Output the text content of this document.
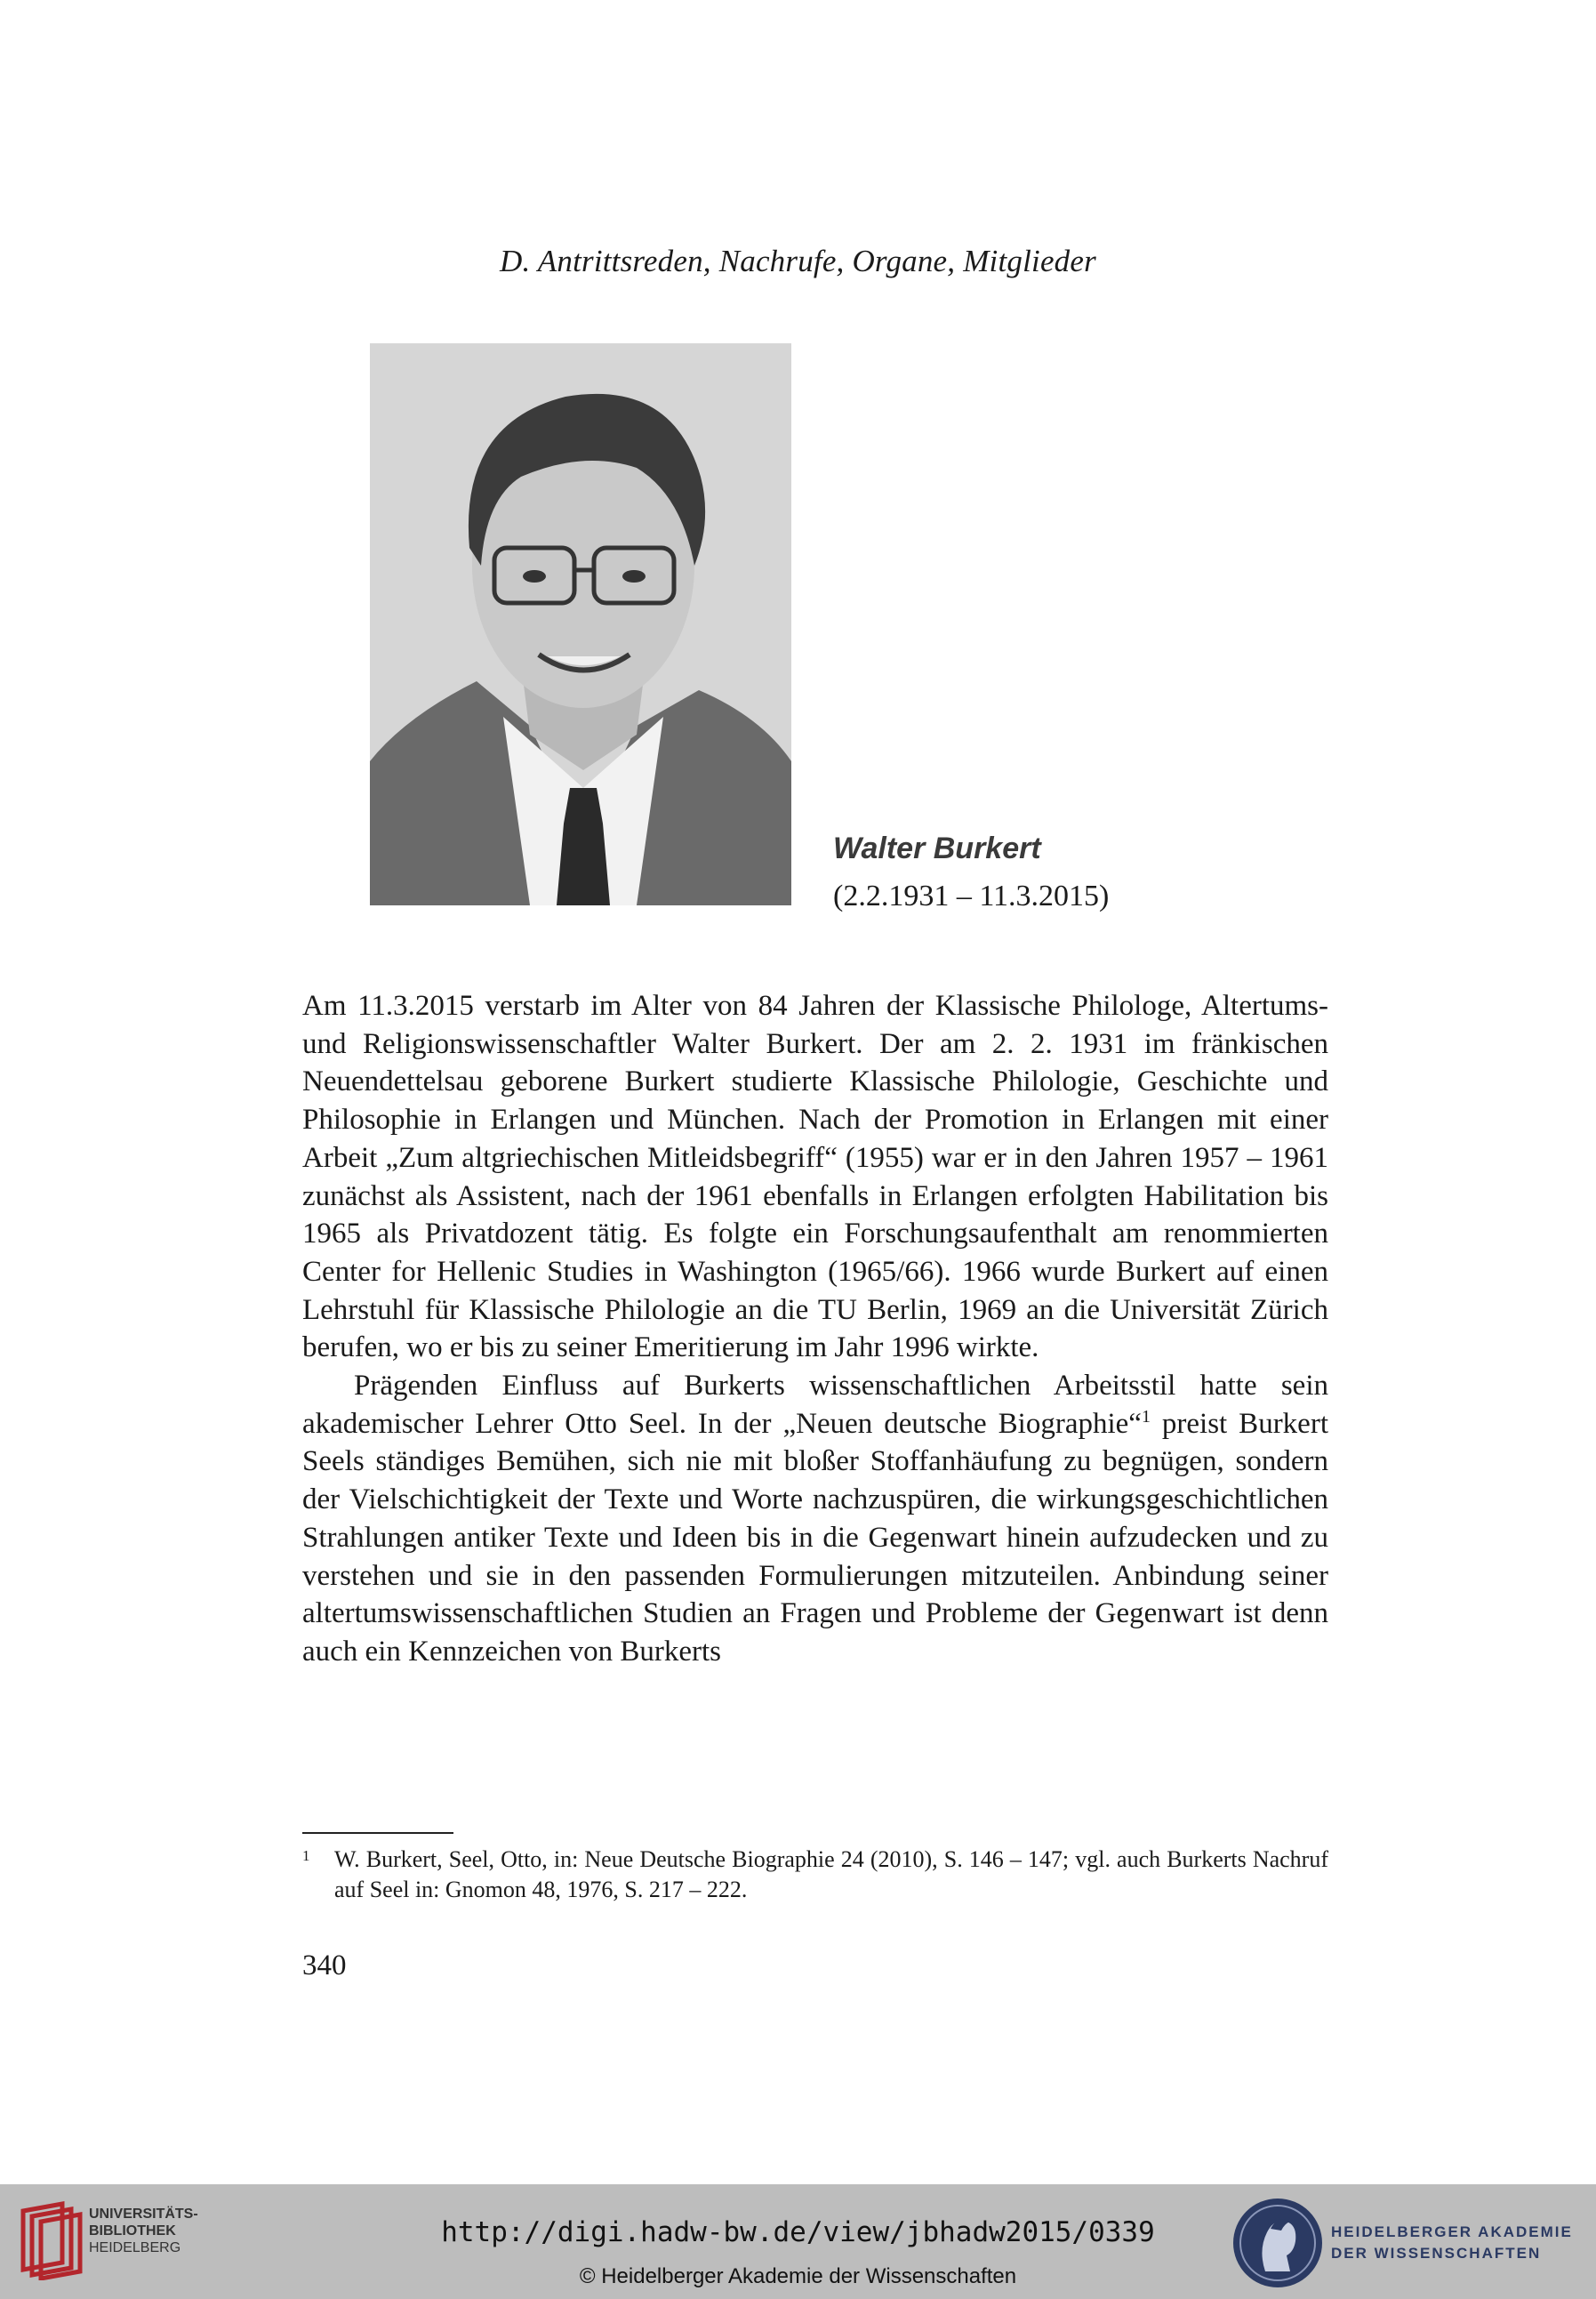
D. Antrittsreden, Nachrufe, Organe, Mitglieder
Walter Burkert
(2.2.1931 – 11.3.2015)

Am 11.3.2015 verstarb im Alter von 84 Jahren der Klassische Philologe, Altertums- und Religionswissenschaftler Walter Burkert. Der am 2. 2. 1931 im fränkischen Neuendettelsau geborene Burkert studierte Klassische Philologie, Geschichte und Philosophie in Erlangen und München. Nach der Promotion in Erlangen mit einer Arbeit „Zum altgriechischen Mitleidsbegriff“ (1955) war er in den Jahren 1957 – 1961 zunächst als Assistent, nach der 1961 ebenfalls in Erlangen erfolgten Habilitation bis 1965 als Privatdozent tätig. Es folgte ein Forschungsaufenthalt am renommierten Center for Hellenic Studies in Washington (1965/66). 1966 wurde Burkert auf einen Lehrstuhl für Klassische Philologie an die TU Berlin, 1969 an die Universität Zürich berufen, wo er bis zu seiner Emeritierung im Jahr 1996 wirkte.

Prägenden Einfluss auf Burkerts wissenschaftlichen Arbeitsstil hatte sein akademischer Lehrer Otto Seel. In der „Neuen deutsche Biographie“$^1$ preist Burkert Seels ständiges Bemühen, sich nie mit bloßer Stoffanhäufung zu begnügen, sondern der Vielschichtigkeit der Texte und Worte nachzuspüren, die wirkungsgeschichtlichen Strahlungen antiker Texte und Ideen bis in die Gegenwart hinein aufzudecken und zu verstehen und sie in den passenden Formulierungen mitzuteilen. Anbindung seiner altertumswissenschaftlichen Studien an Fragen und Probleme der Gegenwart ist denn auch ein Kennzeichen von Burkerts

1 W. Burkert, Seel, Otto, in: Neue Deutsche Biographie 24 (2010), S. 146 – 147; vgl. auch Burkerts Nachruf auf Seel in: Gnomon 48, 1976, S. 217 – 222.
340
UNIVERSITÄTS-
BIBLIOTHEK
HEIDELBERG	http://digi.hadw-bw.de/view/jbhadw2015/0339
© Heidelberger Akademie der Wissenschaften
HEIDELBERGER AKADEMIE
DER WISSENSCHAFTEN
